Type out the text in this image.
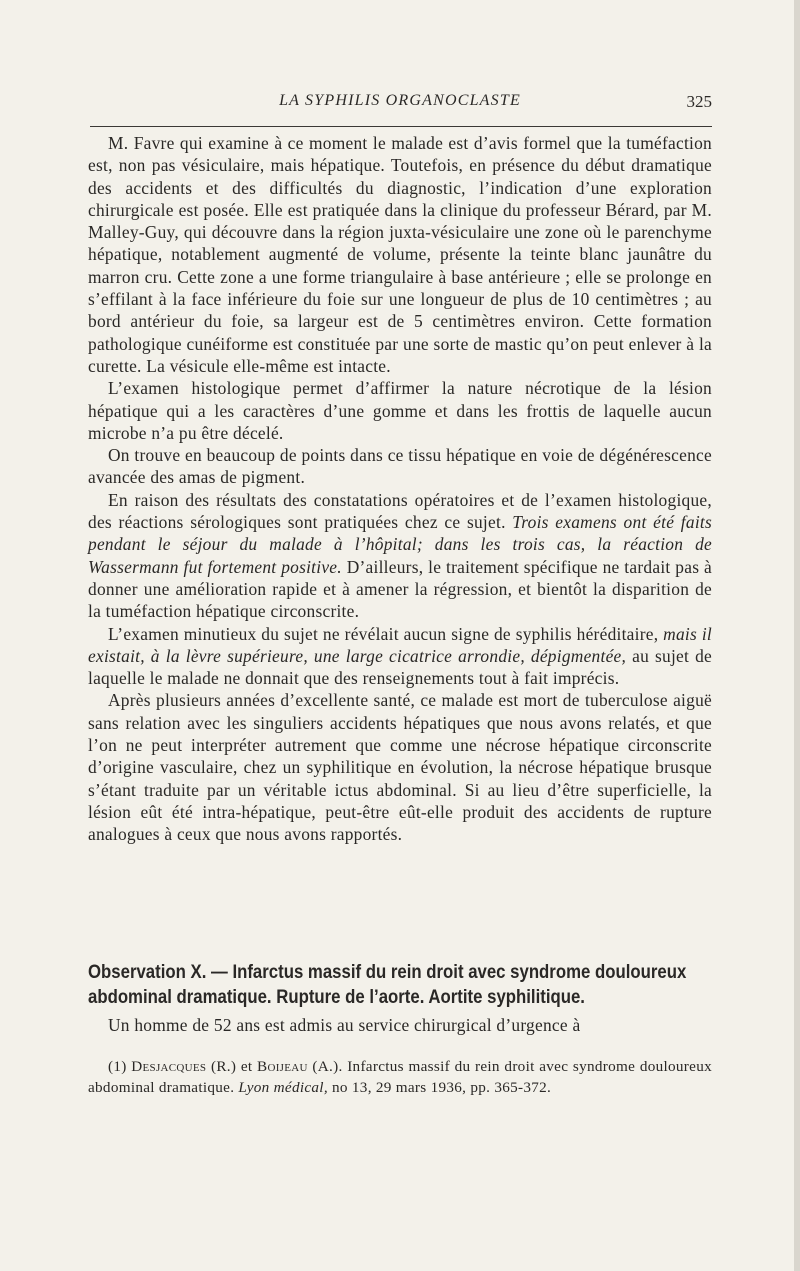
LA SYPHILIS ORGANOCLASTE	325

M. Favre qui examine à ce moment le malade est d’avis formel que la tuméfaction est, non pas vésiculaire, mais hépatique. Toutefois, en présence du début dramatique des accidents et des difficultés du diagnostic, l’indication d’une exploration chirurgicale est posée. Elle est pratiquée dans la clinique du professeur Bérard, par M. Malley-Guy, qui découvre dans la région juxta-vésiculaire une zone où le parenchyme hépatique, notablement augmenté de volume, présente la teinte blanc jaunâtre du marron cru. Cette zone a une forme triangulaire à base antérieure ; elle se prolonge en s’effilant à la face inférieure du foie sur une longueur de plus de 10 centimètres ; au bord antérieur du foie, sa largeur est de 5 centimètres environ. Cette formation pathologique cunéiforme est constituée par une sorte de mastic qu’on peut enlever à la curette. La vésicule elle-même est intacte.

L’examen histologique permet d’affirmer la nature nécrotique de la lésion hépatique qui a les caractères d’une gomme et dans les frottis de laquelle aucun microbe n’a pu être décelé.

On trouve en beaucoup de points dans ce tissu hépatique en voie de dégénérescence avancée des amas de pigment.

En raison des résultats des constatations opératoires et de l’examen histologique, des réactions sérologiques sont pratiquées chez ce sujet. Trois examens ont été faits pendant le séjour du malade à l’hôpital; dans les trois cas, la réaction de Wassermann fut fortement positive. D’ailleurs, le traitement spécifique ne tardait pas à donner une amélioration rapide et à amener la régression, et bientôt la disparition de la tuméfaction hépatique circonscrite.

L’examen minutieux du sujet ne révélait aucun signe de syphilis héréditaire, mais il existait, à la lèvre supérieure, une large cicatrice arrondie, dépigmentée, au sujet de laquelle le malade ne donnait que des renseignements tout à fait imprécis.

Après plusieurs années d’excellente santé, ce malade est mort de tuberculose aiguë sans relation avec les singuliers accidents hépatiques que nous avons relatés, et que l’on ne peut interpréter autrement que comme une nécrose hépatique circonscrite d’origine vasculaire, chez un syphilitique en évolution, la nécrose hépatique brusque s’étant traduite par un véritable ictus abdominal. Si au lieu d’être superficielle, la lésion eût été intra-hépatique, peut-être eût-elle produit des accidents de rupture analogues à ceux que nous avons rapportés.

Observation X. — Infarctus massif du rein droit avec syndrome douloureux abdominal dramatique. Rupture de l’aorte. Aortite syphilitique.
Un homme de 52 ans est admis au service chirurgical d’urgence à
(1) Desjacques (R.) et Boijeau (A.). Infarctus massif du rein droit avec syndrome douloureux abdominal dramatique. Lyon médical, no 13, 29 mars 1936, pp. 365-372.
